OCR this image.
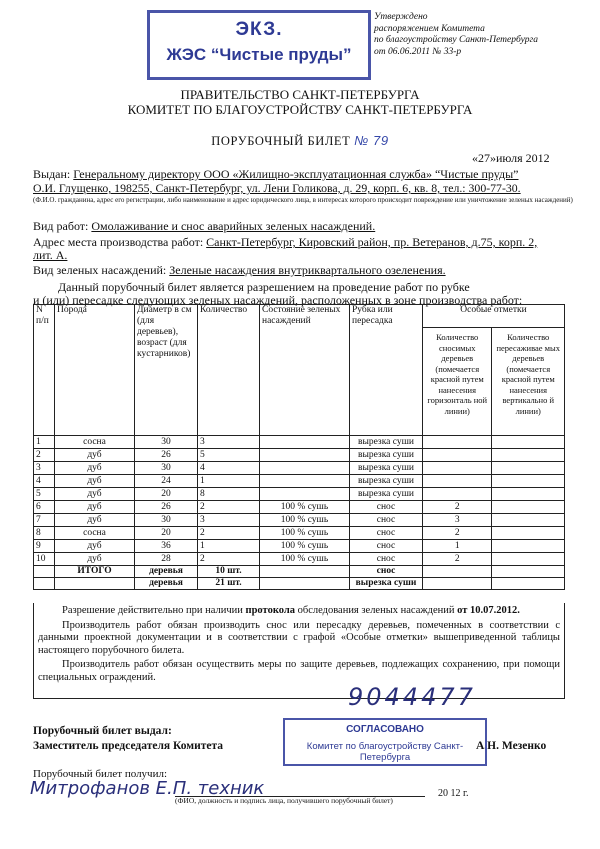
ЭКЗ.
ЖЭС “Чистые пруды”
Утверждено
распоряжением Комитета
по благоустройству Санкт-Петербурга
от 06.06.2011 № 33-р
ПРАВИТЕЛЬСТВО САНКТ-ПЕТЕРБУРГА
КОМИТЕТ ПО БЛАГОУСТРОЙСТВУ САНКТ-ПЕТЕРБУРГА
ПОРУБОЧНЫЙ БИЛЕТ № 79
«27»июля 2012
Выдан: Генеральному директору ООО «Жилищно-эксплуатационная служба» “Чистые пруды”
О.И. Глущенко, 198255, Санкт-Петербург, ул. Лени Голикова, д. 29, корп. 6, кв. 8, тел.: 300-77-30.
(Ф.И.О. гражданина, адрес его регистрации, либо наименование и адрес юридического лица, в интересах которого происходит повреждение или уничтожение зеленых насаждений)
Вид работ: Омолаживание и снос аварийных зеленых насаждений.
Адрес места производства работ: Санкт-Петербург, Кировский район, пр. Ветеранов, д.75, корп. 2,
лит. А.
Вид зеленых насаждений: Зеленые насаждения внутриквартального озеленения.
Данный порубочный билет является разрешением на проведение работ по рубке
и (или) пересадке следующих зеленых насаждений, расположенных в зоне производства работ:
N п/п	Порода	Диаметр в см (для деревьев), возраст (для кустарников)	Количество	Состояние зеленых насаждений	Рубка или пересадка	Особые отметки	
						Количество сносимых деревьев (помечается красной путем нанесения горизонталь ной линии)	Количество пересаживае мых деревьев (помечается красной путем нанесения вертикально й линии)
1	сосна	30	3		вырезка суши		
2	дуб	26	5		вырезка суши		
3	дуб	30	4		вырезка суши		
4	дуб	24	1		вырезка суши		
5	дуб	20	8		вырезка суши		
6	дуб	26	2	100 % сушь	снос	2	
7	дуб	30	3	100 % сушь	снос	3	
8	сосна	20	2	100 % сушь	снос	2	
9	дуб	36	1	100 % сушь	снос	1	
10	дуб	28	2	100 % сушь	снос	2	
	ИТОГО	деревья	10 шт.		снос		
		деревья	21 шт.		вырезка суши		
Разрешение действительно при наличии протокола обследования зеленых насаждений от 10.07.2012.
Производитель работ обязан производить снос или пересадку деревьев, помеченных в соответствии с данными проектной документации и в соответствии с графой «Особые отметки» вышеприведенной таблицы настоящего порубочного билета.
Производитель работ обязан осуществить меры по защите деревьев, подлежащих сохранению, при помощи специальных ограждений.
9044477
Порубочный билет выдал:
Заместитель председателя Комитета	А.Н. Мезенко
СОГЛАСОВАНО
Комитет по благоустройству Санкт-Петербурга
Порубочный билет получил:
Митрофанов Е.П. техник
(ФИО, должность и подпись лица, получившего порубочный билет)
20 12 г.
